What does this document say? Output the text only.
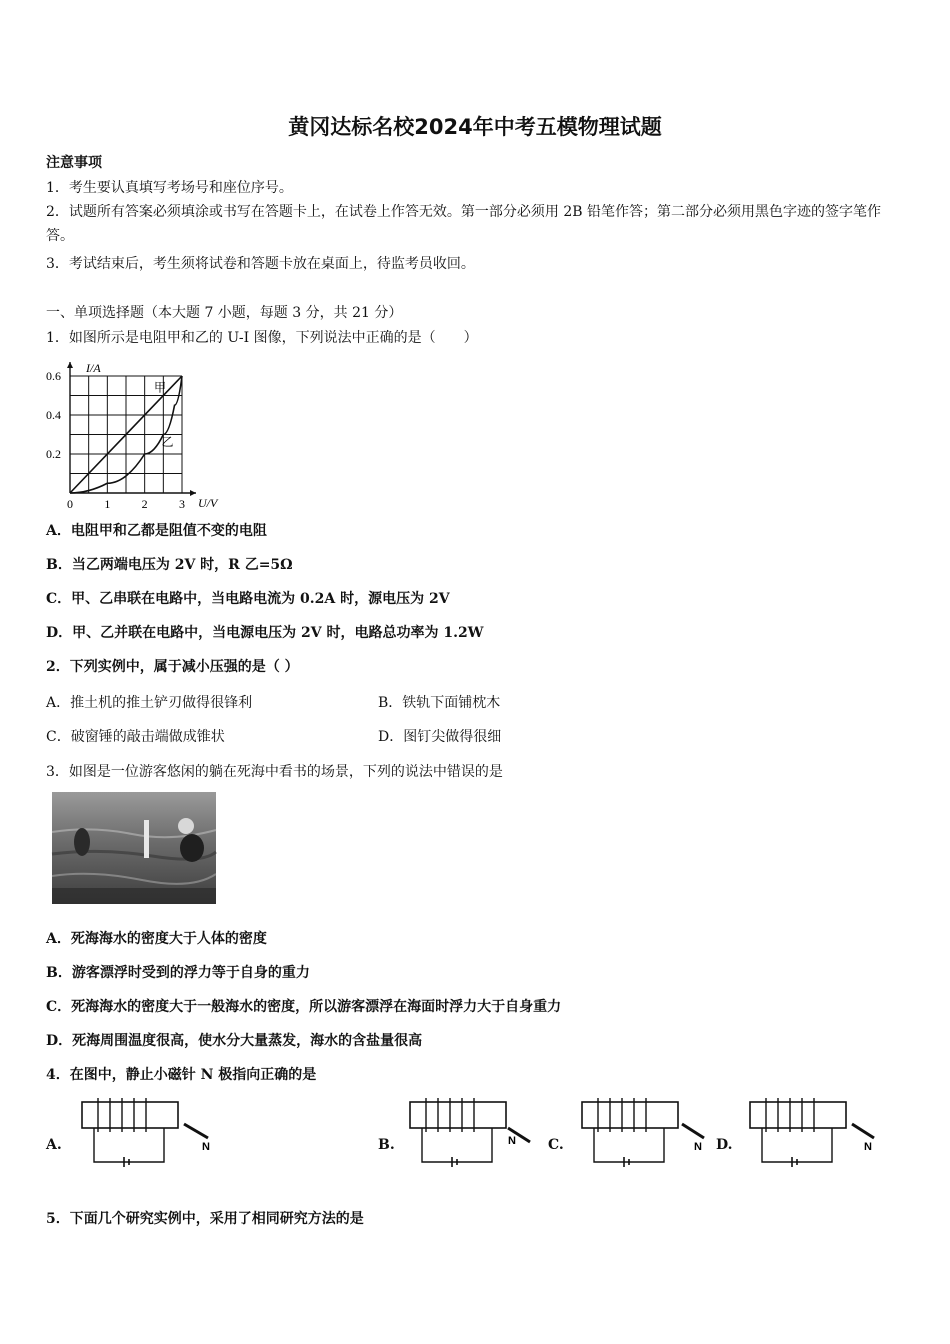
黄冈达标名校2024年中考五模物理试题
注意事项
1．考生要认真填写考场号和座位序号。
2．试题所有答案必须填涂或书写在答题卡上，在试卷上作答无效。第一部分必须用 2B 铅笔作答；第二部分必须用黑色字迹的签字笔作答。
3．考试结束后，考生须将试卷和答题卡放在桌面上，待监考员收回。
一、单项选择题（本大题 7 小题，每题 3 分，共 21 分）
1．如图所示是电阻甲和乙的 U-I 图像，下列说法中正确的是（　　）
0	1	2	3
0.2
0.4
0.6
I/A
U/V
甲
乙
A．电阻甲和乙都是阻值不变的电阻
B．当乙两端电压为 2V 时，R 乙=5Ω
C．甲、乙串联在电路中，当电路电流为 0.2A 时，源电压为 2V
D．甲、乙并联在电路中，当电源电压为 2V 时，电路总功率为 1.2W
2．下列实例中，属于减小压强的是（ ）
A．推土机的推土铲刃做得很锋利	B．铁轨下面铺枕木
C．破窗锤的敲击端做成锥状	D．图钉尖做得很细
3．如图是一位游客悠闲的躺在死海中看书的场景，下列的说法中错误的是
A．死海海水的密度大于人体的密度
B．游客漂浮时受到的浮力等于自身的重力
C．死海海水的密度大于一般海水的密度，所以游客漂浮在海面时浮力大于自身重力
D．死海周围温度很高，使水分大量蒸发，海水的含盐量很高
4．在图中，静止小磁针 N 极指向正确的是
A.	N	B.	N C.	N D.	N
5．下面几个研究实例中，采用了相同研究方法的是
